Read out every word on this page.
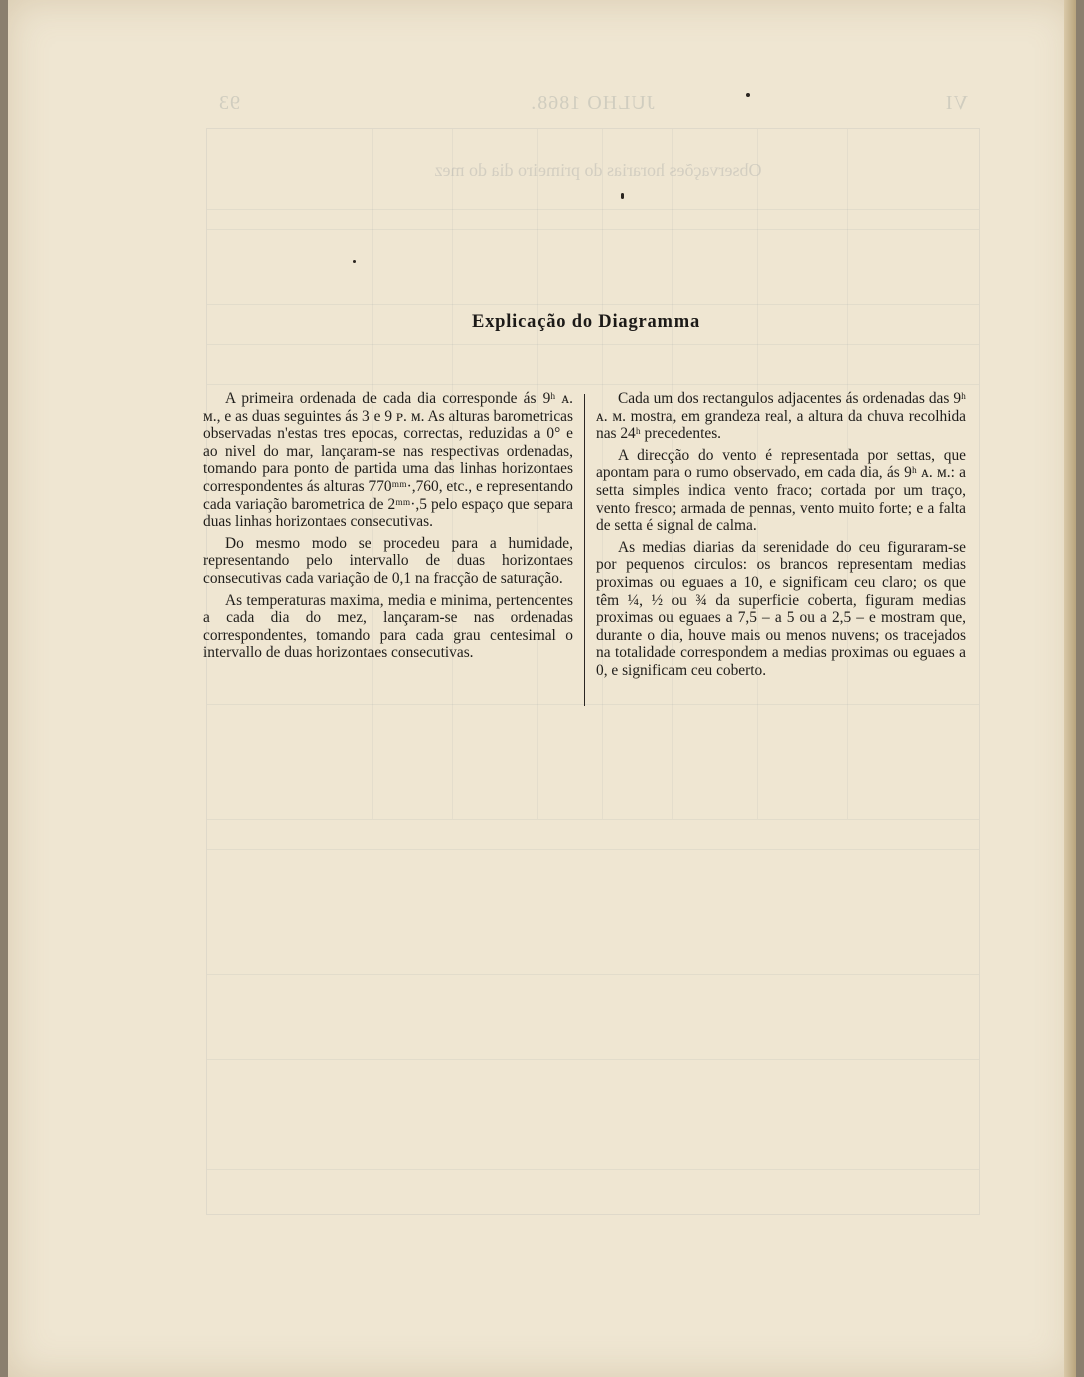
VI
JULHO 1868.
93
Observações horarias do primeiro dia do mez
Explicação do Diagramma

A primeira ordenada de cada dia corresponde ás 9ʰ ᴀ. ᴍ., e as duas seguintes ás 3 e 9 ᴘ. ᴍ. As alturas barometricas observadas n'estas tres epocas, correctas, reduzidas a 0° e ao nivel do mar, lançaram-se nas respectivas ordenadas, tomando para ponto de partida uma das linhas horizontaes correspondentes ás alturas 770ᵐᵐ·,760, etc., e representando cada variação barometrica de 2ᵐᵐ·,5 pelo espaço que separa duas linhas horizontaes consecutivas.

Do mesmo modo se procedeu para a humidade, representando pelo intervallo de duas horizontaes consecutivas cada variação de 0,1 na fracção de saturação.

As temperaturas maxima, media e minima, pertencentes a cada dia do mez, lançaram-se nas ordenadas correspondentes, tomando para cada grau centesimal o intervallo de duas horizontaes consecutivas.

Cada um dos rectangulos adjacentes ás ordenadas das 9ʰ ᴀ. ᴍ. mostra, em grandeza real, a altura da chuva recolhida nas 24ʰ precedentes.

A direcção do vento é representada por settas, que apontam para o rumo observado, em cada dia, ás 9ʰ ᴀ. ᴍ.: a setta simples indica vento fraco; cortada por um traço, vento fresco; armada de pennas, vento muito forte; e a falta de setta é signal de calma.

As medias diarias da serenidade do ceu figuraram-se por pequenos circulos: os brancos representam medias proximas ou eguaes a 10, e significam ceu claro; os que têm ¼, ½ ou ¾ da superficie coberta, figuram medias proximas ou eguaes a 7,5 – a 5 ou a 2,5 – e mostram que, durante o dia, houve mais ou menos nuvens; os tracejados na totalidade correspondem a medias proximas ou eguaes a 0, e significam ceu coberto.
